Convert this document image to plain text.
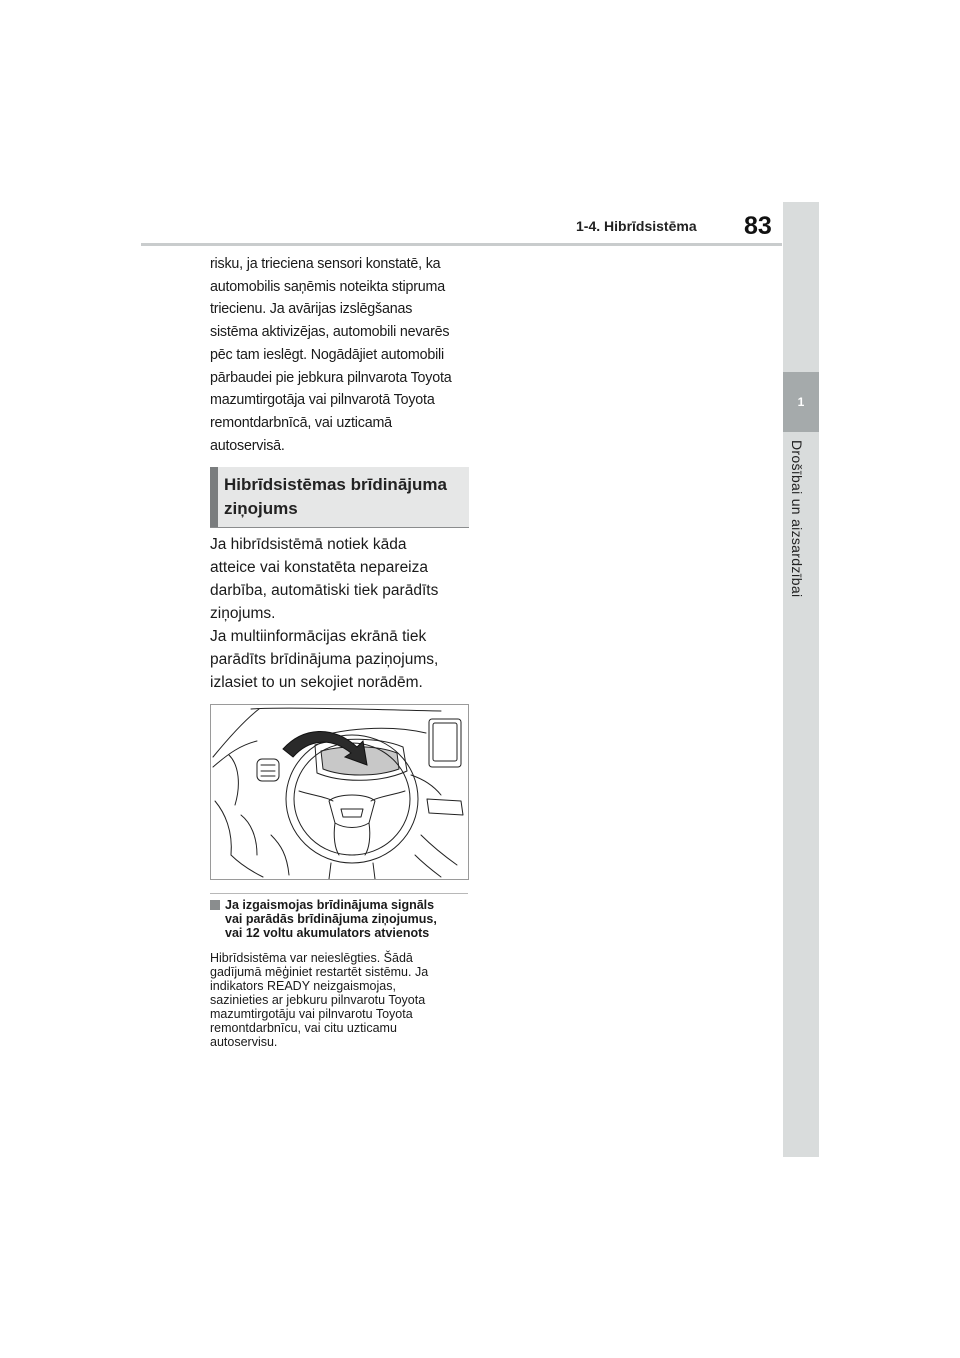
1-4. Hibrīdsistēma 83
1
Drošībai un aizsardzībai
risku, ja trieciena sensori konstatē, ka
automobilis saņēmis noteikta stipruma
triecienu. Ja avārijas izslēgšanas
sistēma aktivizējas, automobili nevarēs
pēc tam ieslēgt. Nogādājiet automobili
pārbaudei pie jebkura pilnvarota Toyota
mazumtirgotāja vai pilnvarotā Toyota
remontdarbnīcā, vai uzticamā
autoservisā.
Hibrīdsistēmas brīdinājuma
ziņojums
Ja hibrīdsistēmā notiek kāda
atteice vai konstatēta nepareiza
darbība, automātiski tiek parādīts
ziņojums.
Ja multiinformācijas ekrānā tiek
parādīts brīdinājuma paziņojums,
izlasiet to un sekojiet norādēm.
Ja izgaismojas brīdinājuma signāls
vai parādās brīdinājuma ziņojumus,
vai 12 voltu akumulators atvienots
Hibrīdsistēma var neieslēgties. Šādā
gadījumā mēģiniet restartēt sistēmu. Ja
indikators READY neizgaismojas,
sazinieties ar jebkuru pilnvarotu Toyota
mazumtirgotāju vai pilnvarotu Toyota
remontdarbnīcu, vai citu uzticamu
autoservisu.
